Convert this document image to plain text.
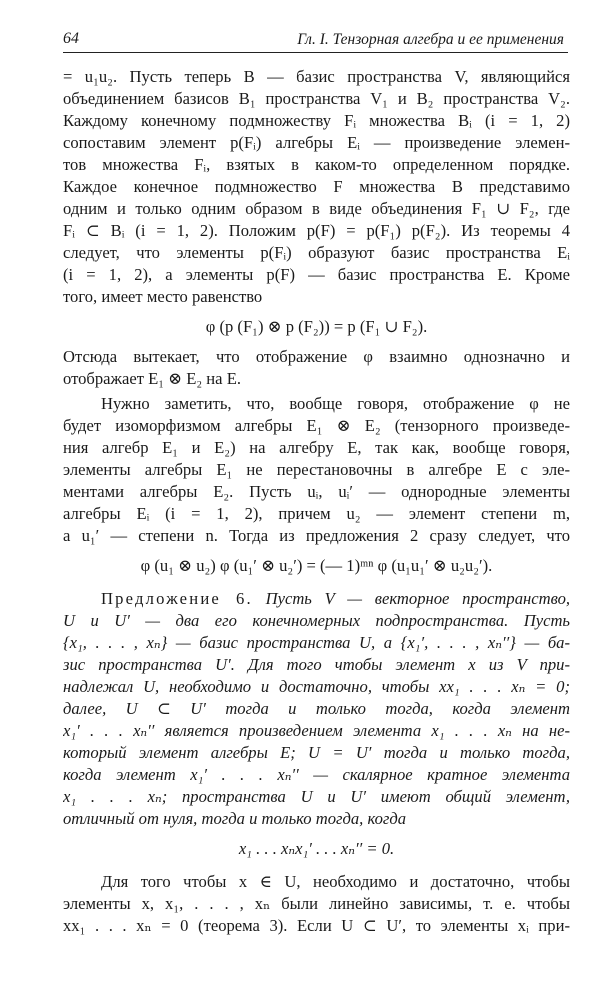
64	Гл. I. Тензорная алгебра и ее применения
= u₁u₂. Пусть теперь B — базис пространства V, являющийся
объединением базисов B₁ пространства V₁ и B₂ пространства V₂.
Каждому конечному подмножеству Fᵢ множества Bᵢ (i = 1, 2)
сопоставим элемент p(Fᵢ) алгебры Eᵢ — произведение элемен-
тов множества Fᵢ, взятых в каком-то определенном порядке.
Каждое конечное подмножество F множества B представимо
одним и только одним образом в виде объединения F₁ ∪ F₂, где
Fᵢ ⊂ Bᵢ (i = 1, 2). Положим p(F) = p(F₁) p(F₂). Из теоремы 4
следует, что элементы p(Fᵢ) образуют базис пространства Eᵢ
(i = 1, 2), а элементы p(F) — базис пространства E. Кроме
того, имеет место равенство
φ (p (F₁) ⊗ p (F₂)) = p (F₁ ∪ F₂).
Отсюда вытекает, что отображение φ взаимно однозначно и
отображает E₁ ⊗ E₂ на E.
Нужно заметить, что, вообще говоря, отображение φ не
будет изоморфизмом алгебры E₁ ⊗ E₂ (тензорного произведе-
ния алгебр E₁ и E₂) на алгебру E, так как, вообще говоря,
элементы алгебры E₁ не перестановочны в алгебре E с эле-
ментами алгебры E₂. Пусть uᵢ, uᵢ′ — однородные элементы
алгебры Eᵢ (i = 1, 2), причем u₂ — элемент степени m,
а u₁′ — степени n. Тогда из предложения 2 сразу следует, что
φ (u₁ ⊗ u₂) φ (u₁′ ⊗ u₂′) = (— 1)ᵐⁿ φ (u₁u₁′ ⊗ u₂u₂′).
Предложение 6. Пусть V — векторное пространство,
U и U′ — два его конечномерных подпространства. Пусть
{x₁, . . . , xₙ} — базис пространства U, а {x₁′, . . . , xₙ′′} — ба-
зис пространства U′. Для того чтобы элемент x из V при-
надлежал U, необходимо и достаточно, чтобы xx₁ . . . xₙ = 0;
далее, U ⊂ U′ тогда и только тогда, когда элемент
x₁′ . . . xₙ′′ является произведением элемента x₁ . . . xₙ на не-
который элемент алгебры E; U = U′ тогда и только тогда,
когда элемент x₁′ . . . xₙ′′ — скалярное кратное элемента
x₁ . . . xₙ; пространства U и U′ имеют общий элемент,
отличный от нуля, тогда и только тогда, когда
x₁ . . . xₙx₁′ . . . xₙ′′ = 0.
Для того чтобы x ∈ U, необходимо и достаточно, чтобы
элементы x, x₁, . . . , xₙ были линейно зависимы, т. е. чтобы
xx₁ . . . xₙ = 0 (теорема 3). Если U ⊂ U′, то элементы xᵢ при-
